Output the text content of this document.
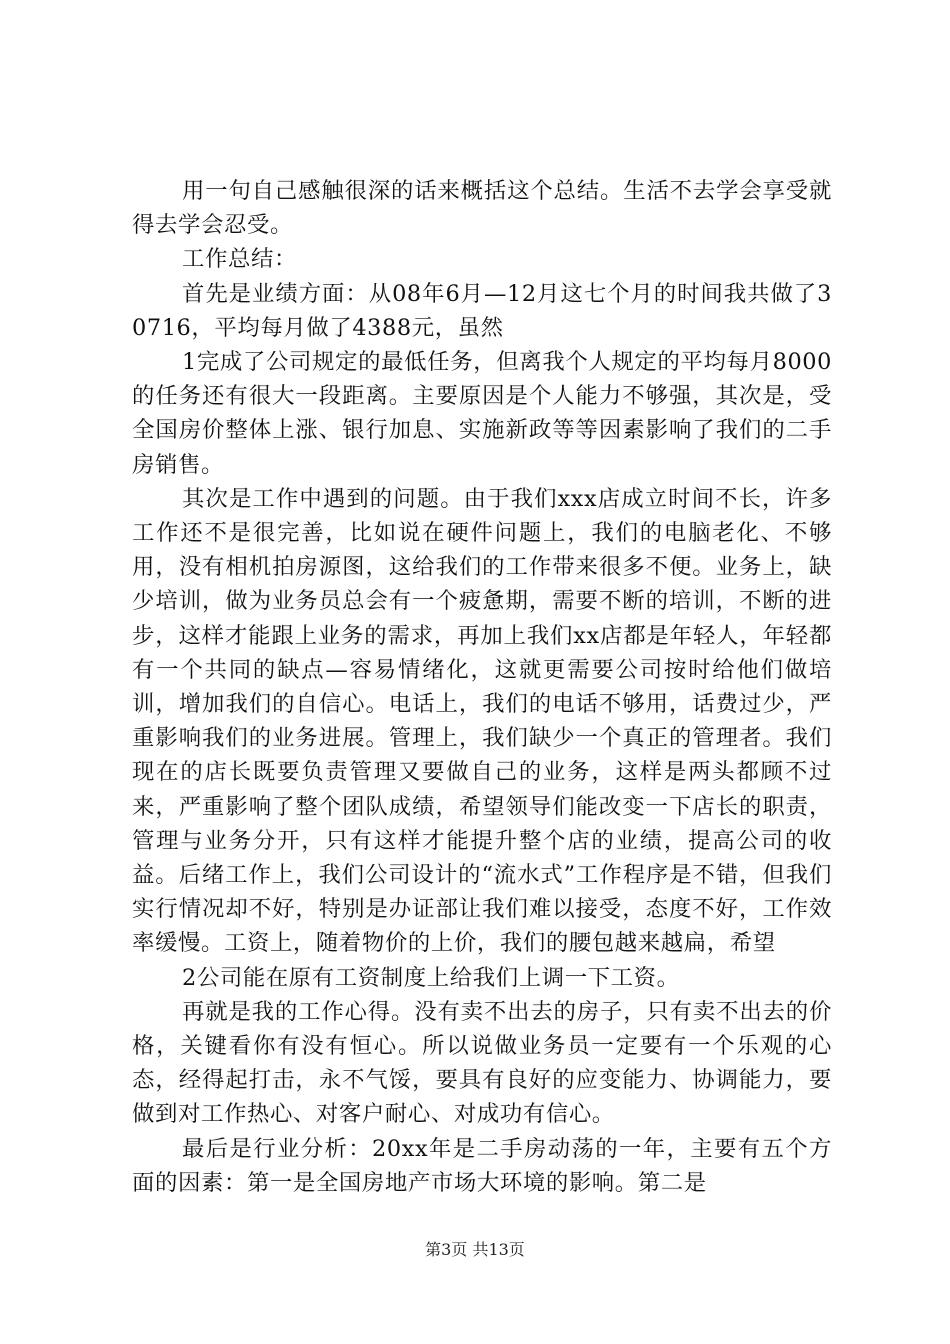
用一句自己感触很深的话来概括这个总结。生活不去学会享受就得去学会忍受。

工作总结：

首先是业绩方面：从08年6月—12月这七个月的时间我共做了30716，平均每月做了4388元，虽然

1完成了公司规定的最低任务，但离我个人规定的平均每月8000的任务还有很大一段距离。主要原因是个人能力不够强，其次是，受全国房价整体上涨、银行加息、实施新政等等因素影响了我们的二手房销售。

其次是工作中遇到的问题。由于我们xxx店成立时间不长，许多工作还不是很完善，比如说在硬件问题上，我们的电脑老化、不够用，没有相机拍房源图，这给我们的工作带来很多不便。业务上，缺少培训，做为业务员总会有一个疲惫期，需要不断的培训，不断的进步，这样才能跟上业务的需求，再加上我们xx店都是年轻人，年轻都有一个共同的缺点—容易情绪化，这就更需要公司按时给他们做培训，增加我们的自信心。电话上，我们的电话不够用，话费过少，严重影响我们的业务进展。管理上，我们缺少一个真正的管理者。我们现在的店长既要负责管理又要做自己的业务，这样是两头都顾不过来，严重影响了整个团队成绩，希望领导们能改变一下店长的职责，管理与业务分开，只有这样才能提升整个店的业绩，提高公司的收益。后绪工作上，我们公司设计的“流水式”工作程序是不错，但我们实行情况却不好，特别是办证部让我们难以接受，态度不好，工作效率缓慢。工资上，随着物价的上价，我们的腰包越来越扁，希望

2公司能在原有工资制度上给我们上调一下工资。

再就是我的工作心得。没有卖不出去的房子，只有卖不出去的价格，关键看你有没有恒心。所以说做业务员一定要有一个乐观的心态，经得起打击，永不气馁，要具有良好的应变能力、协调能力，要做到对工作热心、对客户耐心、对成功有信心。

最后是行业分析：20xx年是二手房动荡的一年，主要有五个方面的因素：第一是全国房地产市场大环境的影响。第二是

第3页 共13页
